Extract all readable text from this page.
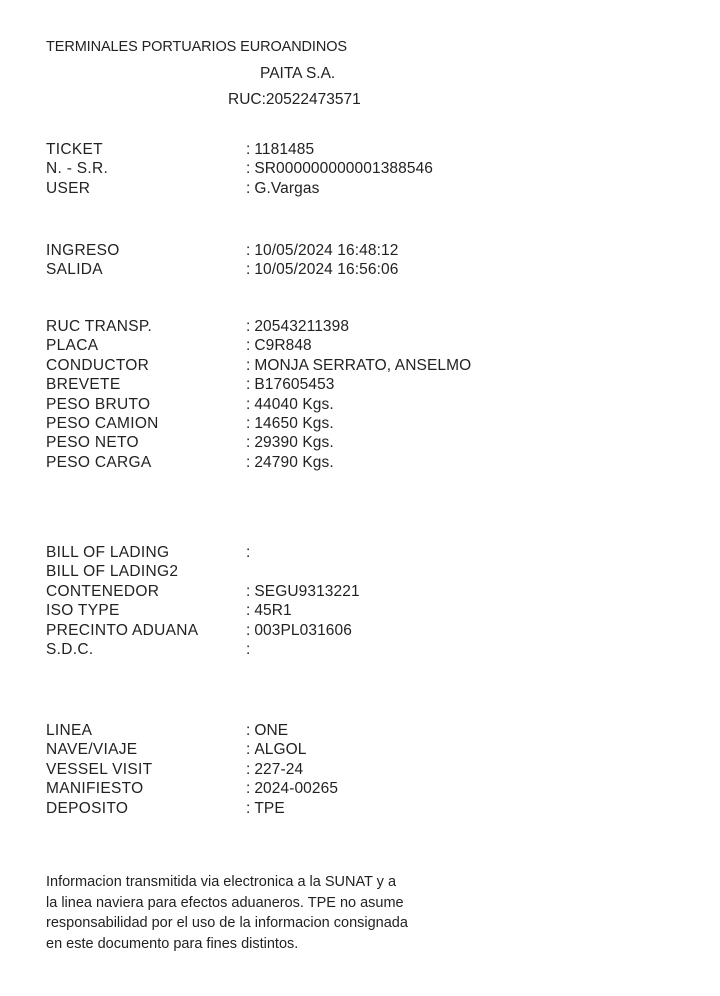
TERMINALES PORTUARIOS EUROANDINOS
PAITA S.A.
RUC:20522473571
TICKET	: 1181485
N. - S.R.	: SR000000000001388546
USER	: G.Vargas
INGRESO	: 10/05/2024 16:48:12
SALIDA	: 10/05/2024 16:56:06
RUC TRANSP.	: 20543211398
PLACA	: C9R848
CONDUCTOR	: MONJA SERRATO, ANSELMO
BREVETE	: B17605453
PESO BRUTO	: 44040 Kgs.
PESO CAMION	: 14650 Kgs.
PESO NETO	: 29390 Kgs.
PESO CARGA	: 24790 Kgs.
BILL OF LADING	:
BILL OF LADING2
CONTENEDOR	: SEGU9313221
ISO TYPE	: 45R1
PRECINTO ADUANA	: 003PL031606
S.D.C.	:
LINEA	: ONE
NAVE/VIAJE	: ALGOL
VESSEL VISIT	: 227-24
MANIFIESTO	: 2024-00265
DEPOSITO	: TPE

Informacion transmitida via electronica a la SUNAT y a

la linea naviera para efectos aduaneros. TPE no asume

responsabilidad por el uso de la informacion consignada

en este documento para fines distintos.
